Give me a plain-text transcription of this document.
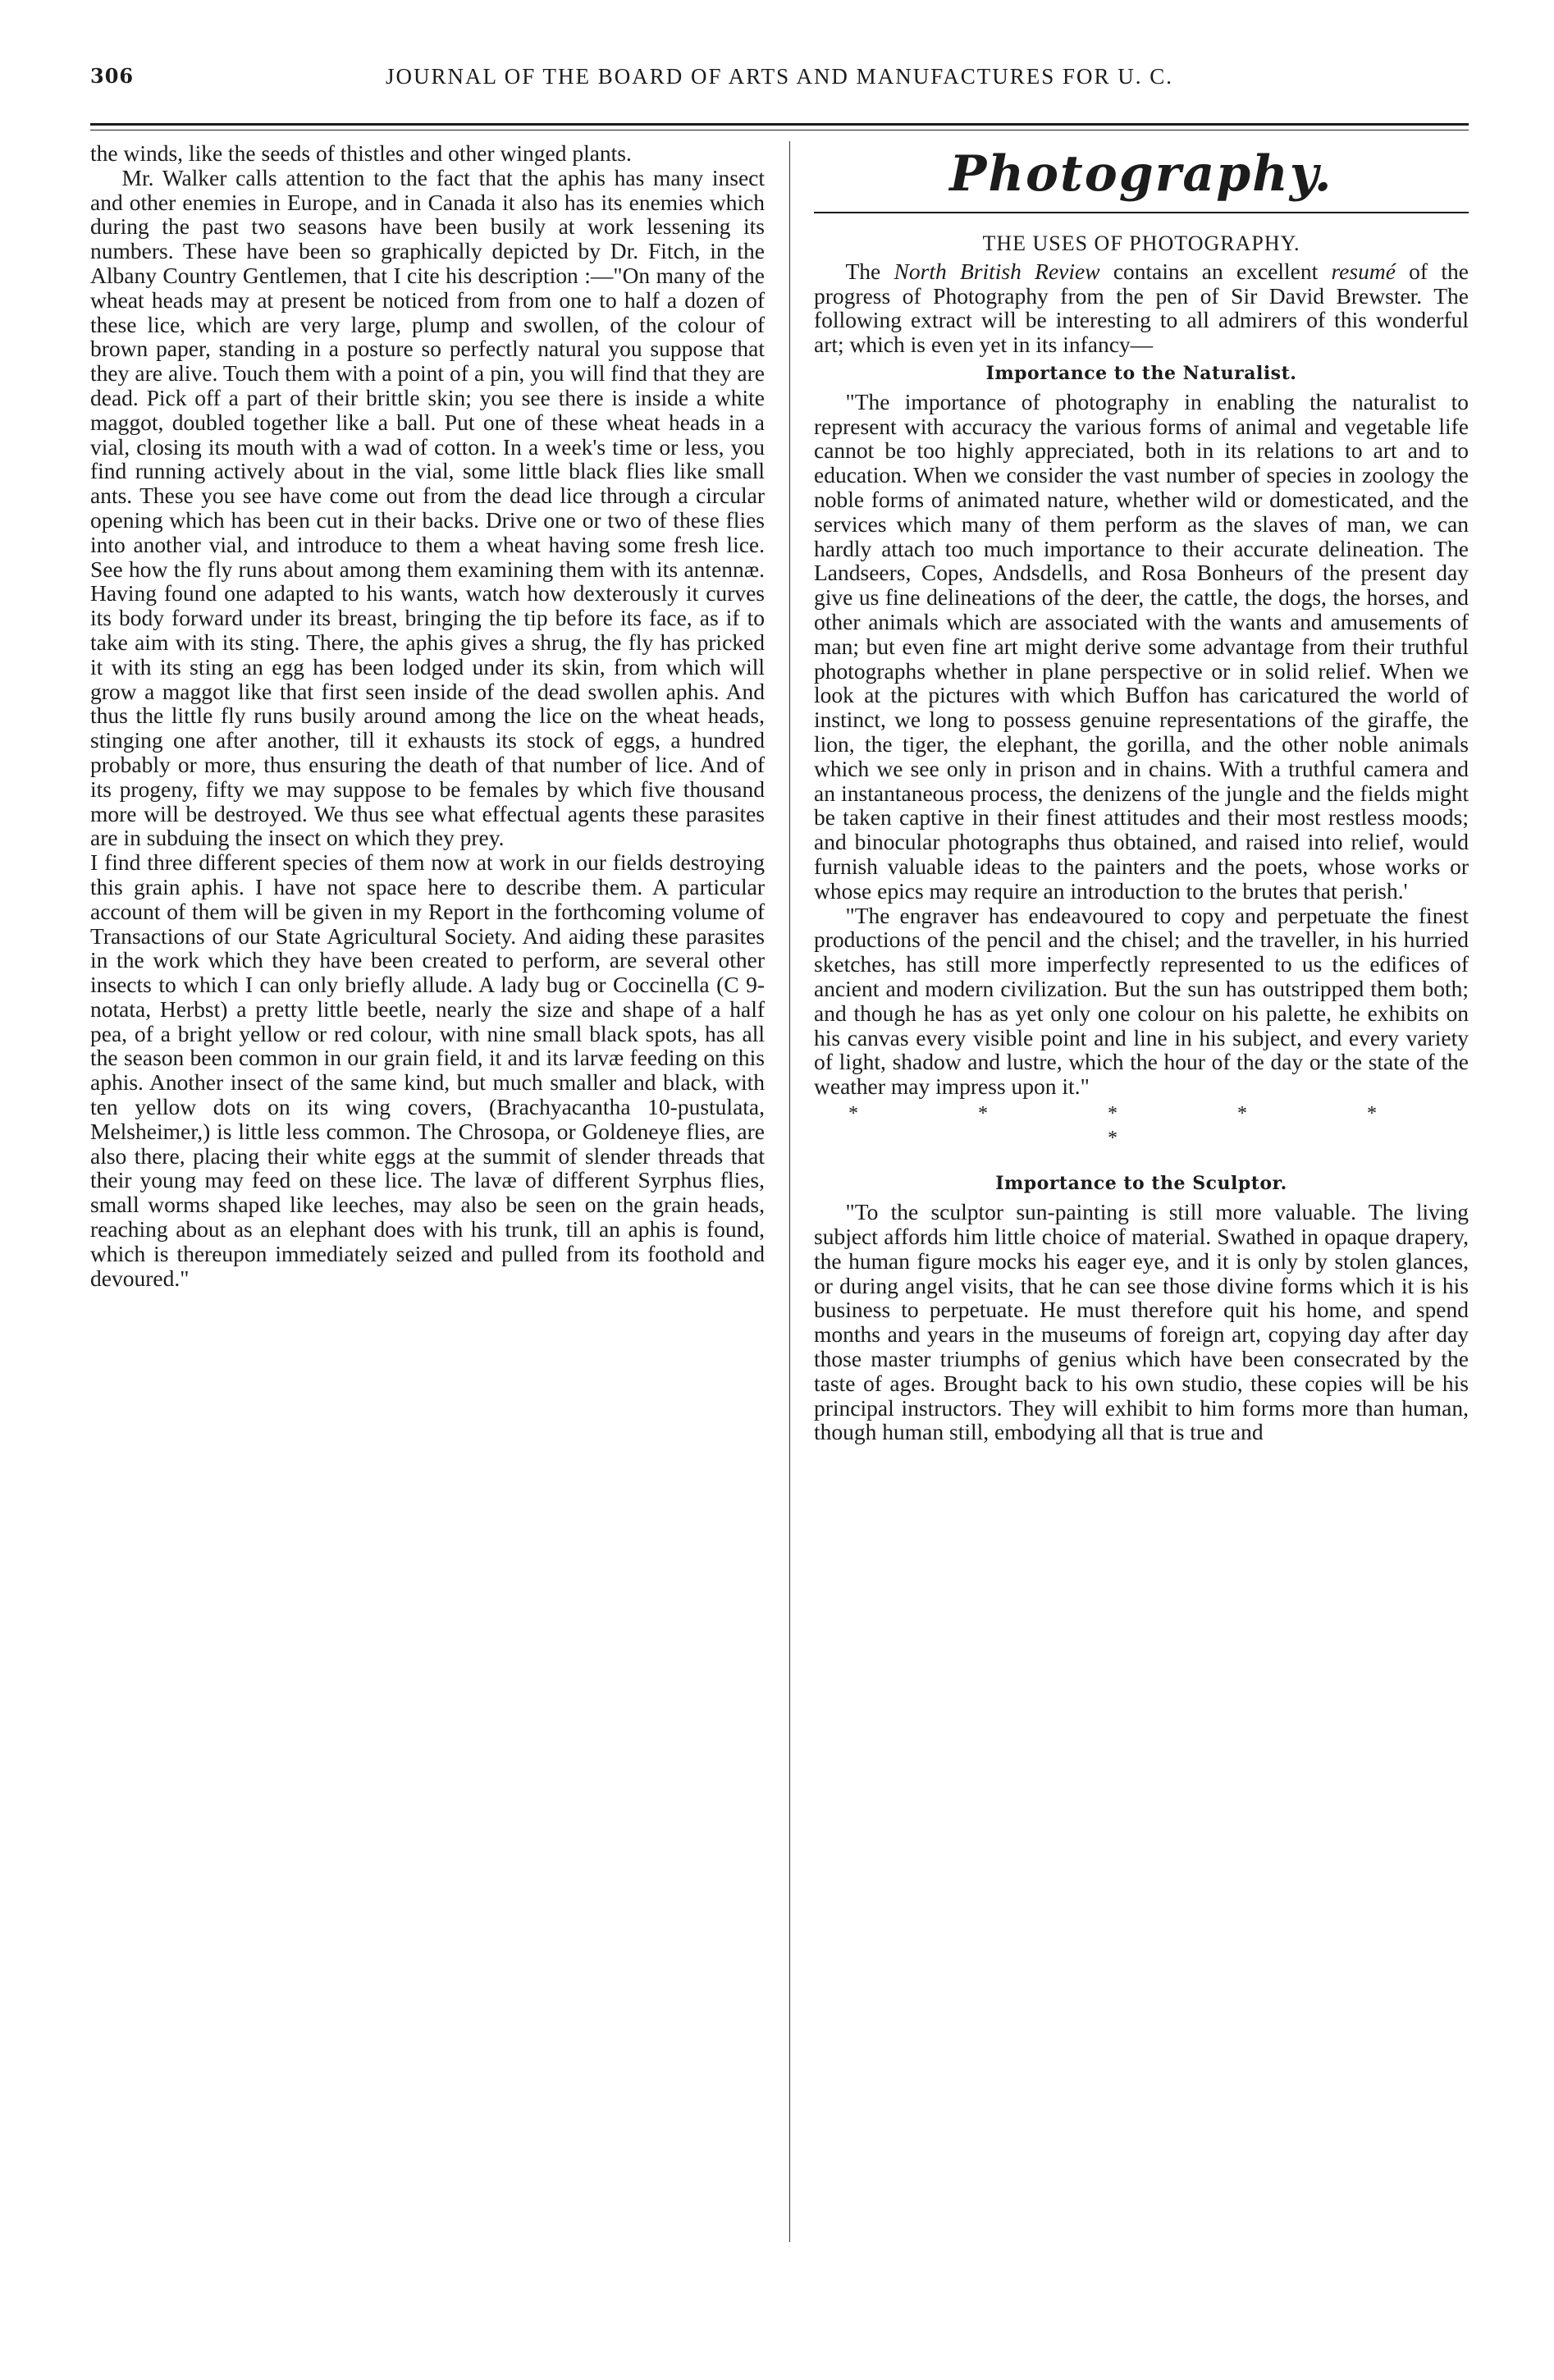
306	JOURNAL OF THE BOARD OF ARTS AND MANUFACTURES FOR U. C.

the winds, like the seeds of thistles and other winged plants.

Mr. Walker calls attention to the fact that the aphis has many insect and other enemies in Europe, and in Canada it also has its enemies which during the past two seasons have been busily at work lessening its numbers. These have been so graphically depicted by Dr. Fitch, in the Albany Country Gentlemen, that I cite his description :—"On many of the wheat heads may at present be noticed from from one to half a dozen of these lice, which are very large, plump and swollen, of the colour of brown paper, standing in a posture so perfectly natural you suppose that they are alive. Touch them with a point of a pin, you will find that they are dead. Pick off a part of their brittle skin; you see there is inside a white maggot, doubled together like a ball. Put one of these wheat heads in a vial, closing its mouth with a wad of cotton. In a week's time or less, you find running actively about in the vial, some little black flies like small ants. These you see have come out from the dead lice through a circular opening which has been cut in their backs. Drive one or two of these flies into another vial, and introduce to them a wheat having some fresh lice. See how the fly runs about among them examining them with its antennæ. Having found one adapted to his wants, watch how dexterously it curves its body forward under its breast, bringing the tip before its face, as if to take aim with its sting. There, the aphis gives a shrug, the fly has pricked it with its sting an egg has been lodged under its skin, from which will grow a maggot like that first seen inside of the dead swollen aphis. And thus the little fly runs busily around among the lice on the wheat heads, stinging one after another, till it exhausts its stock of eggs, a hundred probably or more, thus ensuring the death of that number of lice. And of its progeny, fifty we may suppose to be females by which five thousand more will be destroyed. We thus see what effectual agents these parasites are in subduing the insect on which they prey.

I find three different species of them now at work in our fields destroying this grain aphis. I have not space here to describe them. A particular account of them will be given in my Report in the forthcoming volume of Transactions of our State Agricultural Society. And aiding these parasites in the work which they have been created to perform, are several other insects to which I can only briefly allude. A lady bug or Coccinella (C 9-notata, Herbst) a pretty little beetle, nearly the size and shape of a half pea, of a bright yellow or red colour, with nine small black spots, has all the season been common in our grain field, it and its larvæ feeding on this aphis. Another insect of the same kind, but much smaller and black, with ten yellow dots on its wing covers, (Brachyacantha 10-pustulata, Melsheimer,) is little less common. The Chrosopa, or Goldeneye flies, are also there, placing their white eggs at the summit of slender threads that their young may feed on these lice. The lavæ of different Syrphus flies, small worms shaped like leeches, may also be seen on the grain heads, reaching about as an elephant does with his trunk, till an aphis is found, which is thereupon immediately seized and pulled from its foothold and devoured."

Photography.
THE USES OF PHOTOGRAPHY.

The North British Review contains an excellent resumé of the progress of Photography from the pen of Sir David Brewster. The following extract will be interesting to all admirers of this wonderful art; which is even yet in its infancy—

Importance to the Naturalist.

"The importance of photography in enabling the naturalist to represent with accuracy the various forms of animal and vegetable life cannot be too highly appreciated, both in its relations to art and to education. When we consider the vast number of species in zoology the noble forms of animated nature, whether wild or domesticated, and the services which many of them perform as the slaves of man, we can hardly attach too much importance to their accurate delineation. The Landseers, Copes, Andsdells, and Rosa Bonheurs of the present day give us fine delineations of the deer, the cattle, the dogs, the horses, and other animals which are associated with the wants and amusements of man; but even fine art might derive some advantage from their truthful photographs whether in plane perspective or in solid relief. When we look at the pictures with which Buffon has caricatured the world of instinct, we long to possess genuine representations of the giraffe, the lion, the tiger, the elephant, the gorilla, and the other noble animals which we see only in prison and in chains. With a truthful camera and an instantaneous process, the denizens of the jungle and the fields might be taken captive in their finest attitudes and their most restless moods; and binocular photographs thus obtained, and raised into relief, would furnish valuable ideas to the painters and the poets, whose works or whose epics may require an introduction to the brutes that perish.'

"The engraver has endeavoured to copy and perpetuate the finest productions of the pencil and the chisel; and the traveller, in his hurried sketches, has still more imperfectly represented to us the edifices of ancient and modern civilization. But the sun has outstripped them both; and though he has as yet only one colour on his palette, he exhibits on his canvas every visible point and line in his subject, and every variety of light, shadow and lustre, which the hour of the day or the state of the weather may impress upon it."

* * * * * *
Importance to the Sculptor.

"To the sculptor sun-painting is still more valuable. The living subject affords him little choice of material. Swathed in opaque drapery, the human figure mocks his eager eye, and it is only by stolen glances, or during angel visits, that he can see those divine forms which it is his business to perpetuate. He must therefore quit his home, and spend months and years in the museums of foreign art, copying day after day those master triumphs of genius which have been consecrated by the taste of ages. Brought back to his own studio, these copies will be his principal instructors. They will exhibit to him forms more than human, though human still, embodying all that is true and
